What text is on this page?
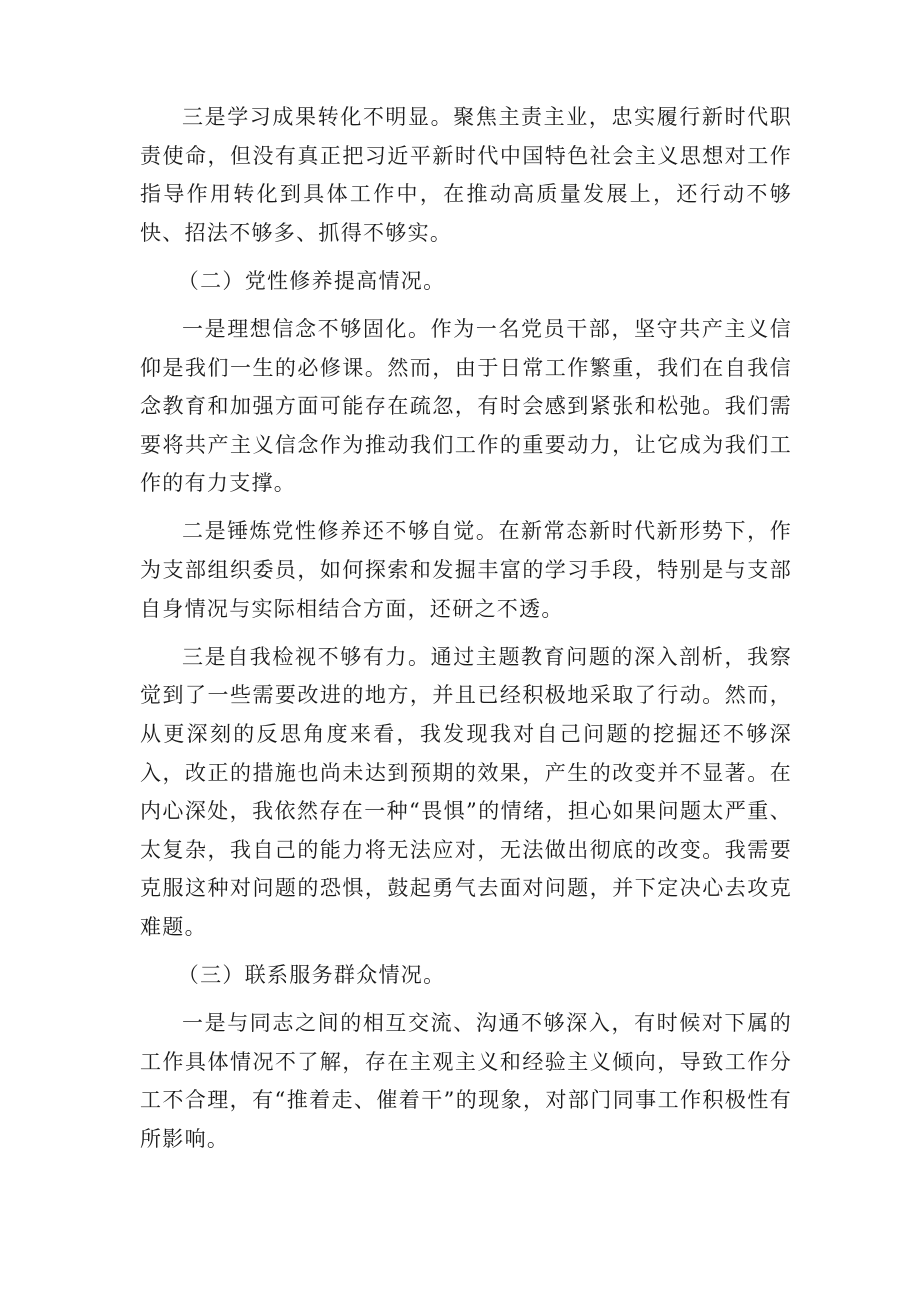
三是学习成果转化不明显。聚焦主责主业，忠实履行新时代职责使命，但没有真正把习近平新时代中国特色社会主义思想对工作指导作用转化到具体工作中，在推动高质量发展上，还行动不够快、招法不够多、抓得不够实。

（二）党性修养提高情况。

一是理想信念不够固化。作为一名党员干部，坚守共产主义信仰是我们一生的必修课。然而，由于日常工作繁重，我们在自我信念教育和加强方面可能存在疏忽，有时会感到紧张和松弛。我们需要将共产主义信念作为推动我们工作的重要动力，让它成为我们工作的有力支撑。

二是锤炼党性修养还不够自觉。在新常态新时代新形势下，作为支部组织委员，如何探索和发掘丰富的学习手段，特别是与支部自身情况与实际相结合方面，还研之不透。

三是自我检视不够有力。通过主题教育问题的深入剖析，我察觉到了一些需要改进的地方，并且已经积极地采取了行动。然而，从更深刻的反思角度来看，我发现我对自己问题的挖掘还不够深入，改正的措施也尚未达到预期的效果，产生的改变并不显著。在内心深处，我依然存在一种“畏惧”的情绪，担心如果问题太严重、太复杂，我自己的能力将无法应对，无法做出彻底的改变。我需要克服这种对问题的恐惧，鼓起勇气去面对问题，并下定决心去攻克难题。

（三）联系服务群众情况。

一是与同志之间的相互交流、沟通不够深入，有时候对下属的工作具体情况不了解，存在主观主义和经验主义倾向，导致工作分工不合理，有“推着走、催着干”的现象，对部门同事工作积极性有所影响。
